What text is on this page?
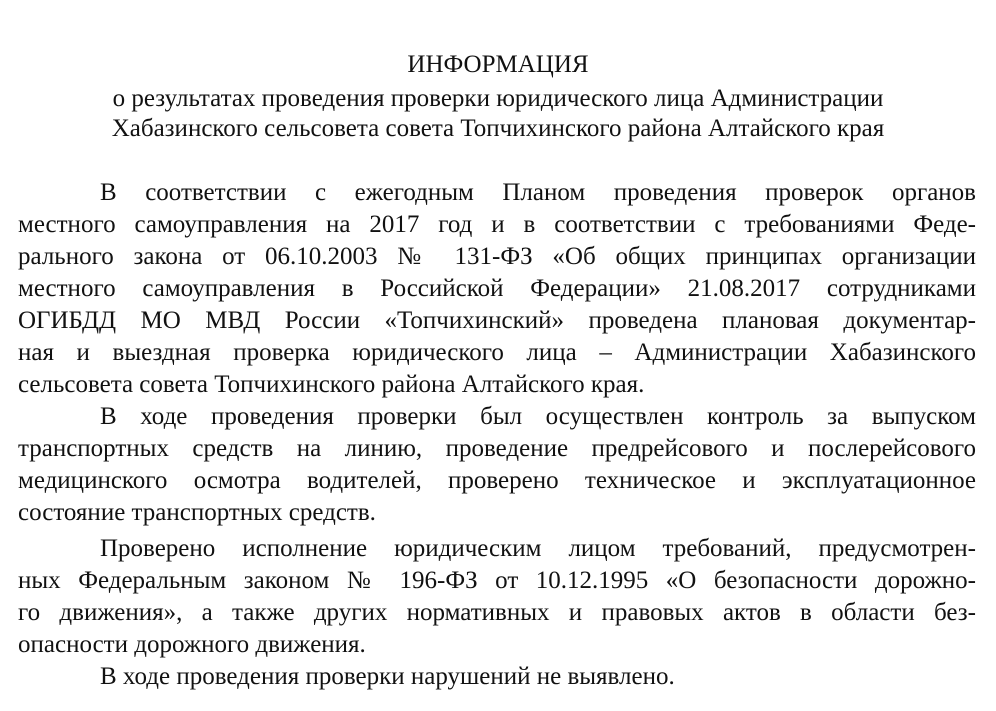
ИНФОРМАЦИЯ

о результатах проведения проверки юридического лица Администрации

Хабазинского сельсовета совета Топчихинского района Алтайского края

В соответствии с ежегодным Планом проведения проверок органов

местного самоуправления на 2017 год и в соответствии с требованиями Феде-

рального закона от 06.10.2003 № 131-ФЗ «Об общих принципах организации

местного самоуправления в Российской Федерации» 21.08.2017 сотрудниками

ОГИБДД МО МВД России «Топчихинский» проведена плановая документар-

ная и выездная проверка юридического лица – Администрации Хабазинского

сельсовета совета Топчихинского района Алтайского края.

В ходе проведения проверки был осуществлен контроль за выпуском

транспортных средств на линию, проведение предрейсового и послерейсового

медицинского осмотра водителей, проверено техническое и эксплуатационное

состояние транспортных средств.

Проверено исполнение юридическим лицом требований, предусмотрен-

ных Федеральным законом № 196-ФЗ от 10.12.1995 «О безопасности дорожно-

го движения», а также других нормативных и правовых актов в области без-

опасности дорожного движения.

В ходе проведения проверки нарушений не выявлено.
